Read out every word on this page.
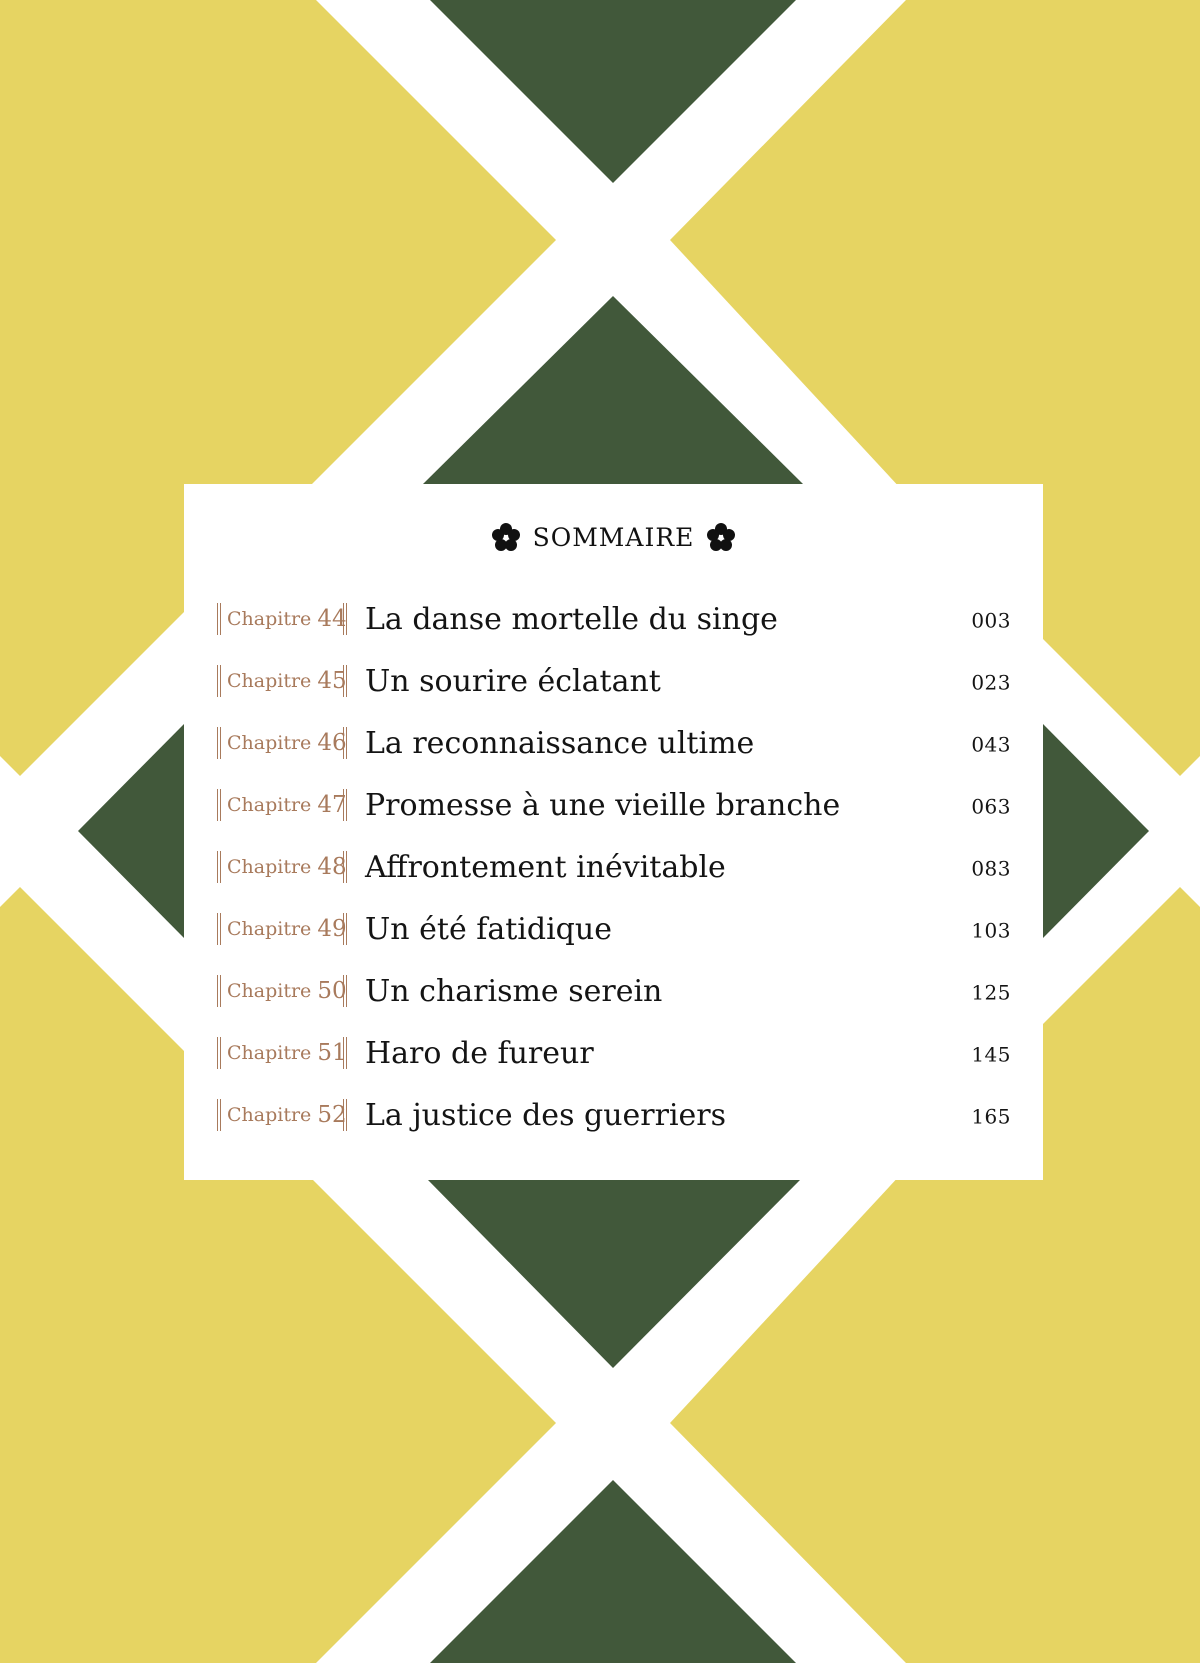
SOMMAIRE
Chapitre 44 La danse mortelle du singe	003
Chapitre 45 Un sourire éclatant	023
Chapitre 46 La reconnaissance ultime	043
Chapitre 47 Promesse à une vieille branche	063
Chapitre 48 Affrontement inévitable	083
Chapitre 49 Un été fatidique	103
Chapitre 50 Un charisme serein	125
Chapitre 51 Haro de fureur	145
Chapitre 52 La justice des guerriers	165
